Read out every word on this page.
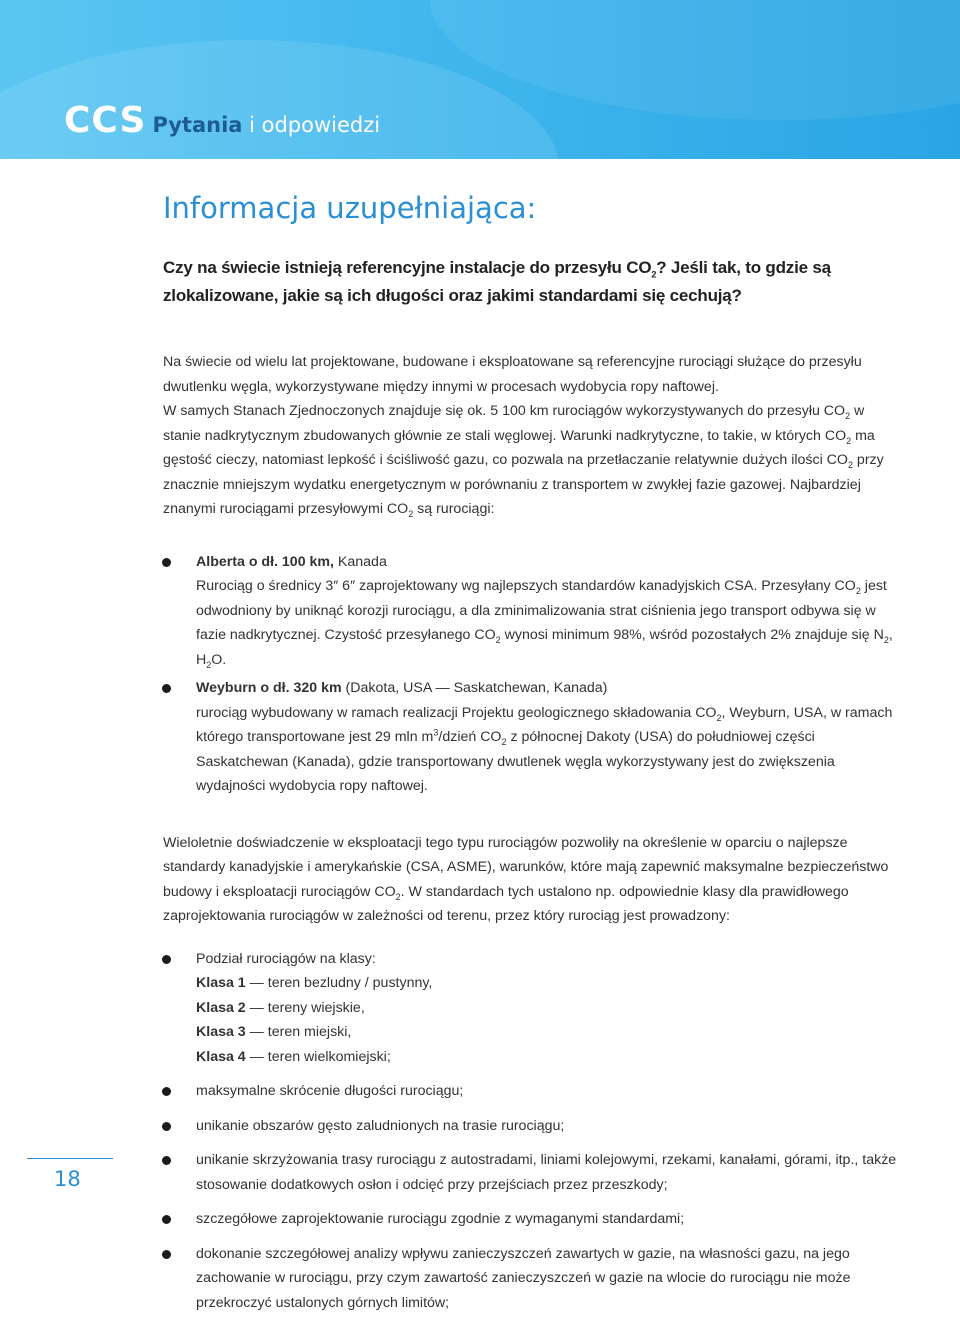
CCS Pytania i odpowiedzi
Informacja uzupełniająca:

Czy na świecie istnieją referencyjne instalacje do przesyłu $CO_2$? Jeśli tak, to gdzie są zlokalizowane, jakie są ich długości oraz jakimi standardami się cechują?

Na świecie od wielu lat projektowane, budowane i eksploatowane są referencyjne rurociągi służące do przesyłu dwutlenku węgla, wykorzystywane między innymi w procesach wydobycia ropy naftowej.

W samych Stanach Zjednoczonych znajduje się ok. 5 100 km rurociągów wykorzystywanych do przesyłu $CO_2$ w stanie nadkrytycznym zbudowanych głównie ze stali węglowej. Warunki nadkrytyczne, to takie, w których $CO_2$ ma gęstość cieczy, natomiast lepkość i ściśliwość gazu, co pozwala na przetłaczanie relatywnie dużych ilości $CO_2$ przy znacznie mniejszym wydatku energetycznym w porównaniu z transportem w zwykłej fazie gazowej. Najbardziej znanymi rurociągami przesyłowymi $CO_2$ są rurociągi:

Alberta o dł. 100 km, Kanada
Rurociąg o średnicy 3″ 6″ zaprojektowany wg najlepszych standardów kanadyjskich CSA. Przesyłany $CO_2$ jest odwodniony by uniknąć korozji rurociągu, a dla zminimalizowania strat ciśnienia jego transport odbywa się w fazie nadkrytycznej. Czystość przesyłanego $CO_2$ wynosi minimum 98%, wśród pozostałych 2% znajduje się $N_2$, $H_2O$.
Weyburn o dł. 320 km (Dakota, USA — Saskatchewan, Kanada)
rurociąg wybudowany w ramach realizacji Projektu geologicznego składowania $CO_2$, Weyburn, USA, w ramach którego transportowane jest 29 mln $m^3$/dzień $CO_2$ z północnej Dakoty (USA) do południowej części Saskatchewan (Kanada), gdzie transportowany dwutlenek węgla wykorzystywany jest do zwiększenia wydajności wydobycia ropy naftowej.

Wieloletnie doświadczenie w eksploatacji tego typu rurociągów pozwoliły na określenie w oparciu o najlepsze standardy kanadyjskie i amerykańskie (CSA, ASME), warunków, które mają zapewnić maksymalne bezpieczeństwo budowy i eksploatacji rurociągów $CO_2$. W standardach tych ustalono np. odpowiednie klasy dla prawidłowego zaprojektowania rurociągów w zależności od terenu, przez który rurociąg jest prowadzony:

Podział rurociągów na klasy:
Klasa 1 — teren bezludny / pustynny,
Klasa 2 — tereny wiejskie,
Klasa 3 — teren miejski,
Klasa 4 — teren wielkomiejski;
maksymalne skrócenie długości rurociągu;
unikanie obszarów gęsto zaludnionych na trasie rurociągu;
unikanie skrzyżowania trasy rurociągu z autostradami, liniami kolejowymi, rzekami, kanałami, górami, itp., także stosowanie dodatkowych osłon i odcięć przy przejściach przez przeszkody;
szczegółowe zaprojektowanie rurociągu zgodnie z wymaganymi standardami;
dokonanie szczegółowej analizy wpływu zanieczyszczeń zawartych w gazie, na własności gazu, na jego zachowanie w rurociągu, przy czym zawartość zanieczyszczeń w gazie na wlocie do rurociągu nie może przekroczyć ustalonych górnych limitów;
18
